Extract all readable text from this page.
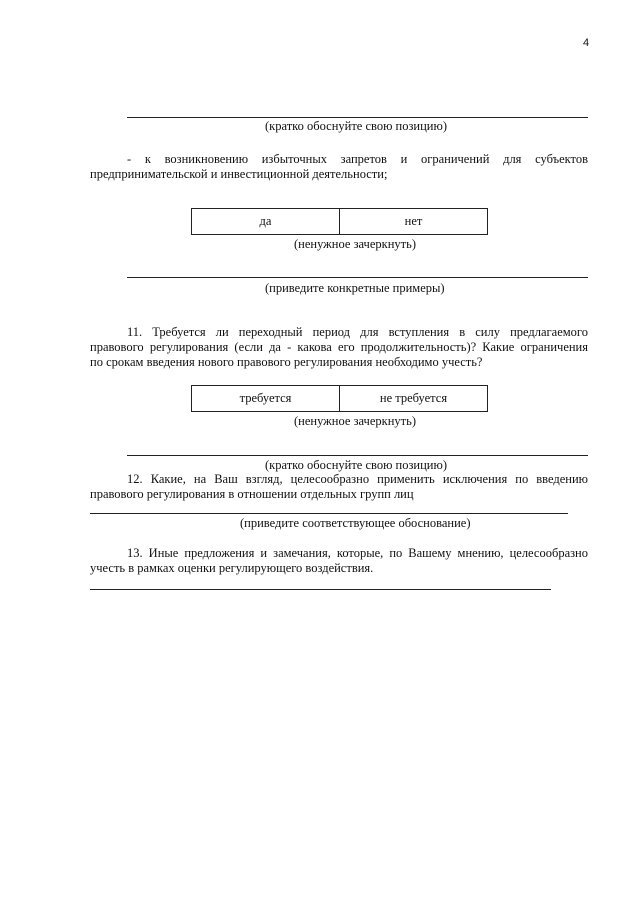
4
(кратко обоснуйте свою позицию)
- к возникновению избыточных запретов и ограничений для субъектов
предпринимательской и инвестиционной деятельности;
да	нет
(ненужное зачеркнуть)
(приведите конкретные примеры)
11. Требуется ли переходный период для вступления в силу предлагаемого
правового регулирования (если да - какова его продолжительность)? Какие ограничения
по срокам введения нового правового регулирования необходимо учесть?
требуется	не требуется
(ненужное зачеркнуть)
(кратко обоснуйте свою позицию)
12. Какие, на Ваш взгляд, целесообразно применить исключения по введению
правового регулирования в отношении отдельных групп лиц
(приведите соответствующее обоснование)
13. Иные предложения и замечания, которые, по Вашему мнению, целесообразно
учесть в рамках оценки регулирующего воздействия.
